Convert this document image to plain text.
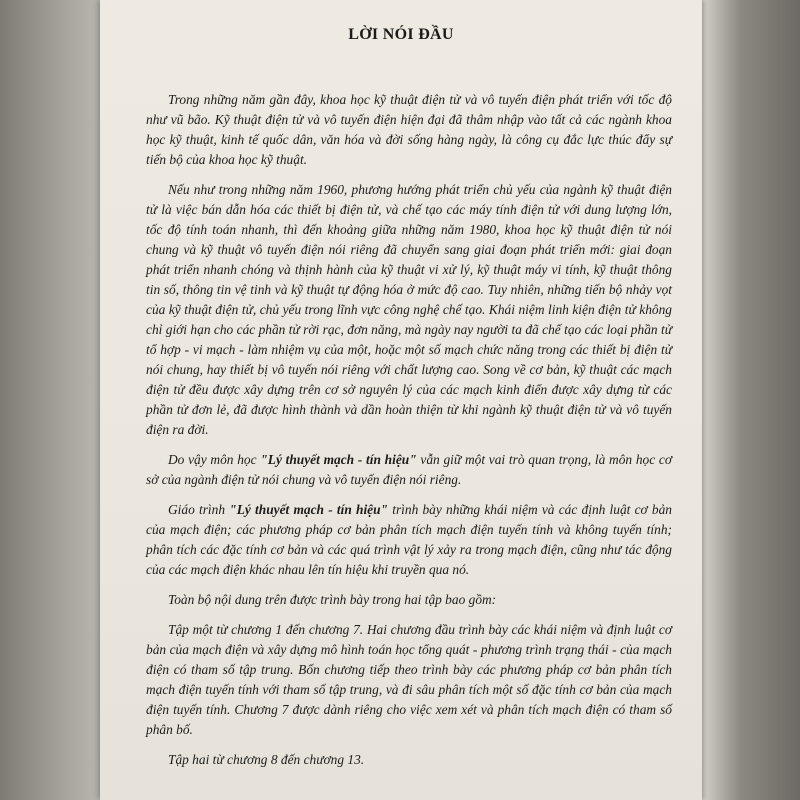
LỜI NÓI ĐẦU

Trong những năm gần đây, khoa học kỹ thuật điện tử và vô tuyến điện phát triển với tốc độ như vũ bão. Kỹ thuật điện tử và vô tuyến điện hiện đại đã thâm nhập vào tất cả các ngành khoa học kỹ thuật, kinh tế quốc dân, văn hóa và đời sống hàng ngày, là công cụ đắc lực thúc đẩy sự tiến bộ của khoa học kỹ thuật.

Nếu như trong những năm 1960, phương hướng phát triển chủ yếu của ngành kỹ thuật điện tử là việc bán dẫn hóa các thiết bị điện tử, và chế tạo các máy tính điện tử với dung lượng lớn, tốc độ tính toán nhanh, thì đến khoảng giữa những năm 1980, khoa học kỹ thuật điện tử nói chung và kỹ thuật vô tuyến điện nói riêng đã chuyển sang giai đoạn phát triển mới: giai đoạn phát triển nhanh chóng và thịnh hành của kỹ thuật vi xử lý, kỹ thuật máy vi tính, kỹ thuật thông tin số, thông tin vệ tinh và kỹ thuật tự động hóa ở mức độ cao. Tuy nhiên, những tiến bộ nhảy vọt của kỹ thuật điện tử, chủ yếu trong lĩnh vực công nghệ chế tạo. Khái niệm linh kiện điện tử không chỉ giới hạn cho các phần tử rời rạc, đơn năng, mà ngày nay người ta đã chế tạo các loại phần tử tổ hợp - vi mạch - làm nhiệm vụ của một, hoặc một số mạch chức năng trong các thiết bị điện tử nói chung, hay thiết bị vô tuyến nói riêng với chất lượng cao. Song về cơ bản, kỹ thuật các mạch điện tử đều được xây dựng trên cơ sở nguyên lý của các mạch kinh điển được xây dựng từ các phần tử đơn lẻ, đã được hình thành và dần hoàn thiện từ khi ngành kỹ thuật điện tử và vô tuyến điện ra đời.

Do vậy môn học "Lý thuyết mạch - tín hiệu" vẫn giữ một vai trò quan trọng, là môn học cơ sở của ngành điện tử nói chung và vô tuyến điện nói riêng.

Giáo trình "Lý thuyết mạch - tín hiệu" trình bày những khái niệm và các định luật cơ bản của mạch điện; các phương pháp cơ bản phân tích mạch điện tuyến tính và không tuyến tính; phân tích các đặc tính cơ bản và các quá trình vật lý xảy ra trong mạch điện, cũng như tác động của các mạch điện khác nhau lên tín hiệu khi truyền qua nó.

Toàn bộ nội dung trên được trình bày trong hai tập bao gồm:

Tập một từ chương 1 đến chương 7. Hai chương đầu trình bày các khái niệm và định luật cơ bản của mạch điện và xây dựng mô hình toán học tổng quát - phương trình trạng thái - của mạch điện có tham số tập trung. Bốn chương tiếp theo trình bày các phương pháp cơ bản phân tích mạch điện tuyến tính với tham số tập trung, và đi sâu phân tích một số đặc tính cơ bản của mạch điện tuyến tính. Chương 7 được dành riêng cho việc xem xét và phân tích mạch điện có tham số phân bố.

Tập hai từ chương 8 đến chương 13.
